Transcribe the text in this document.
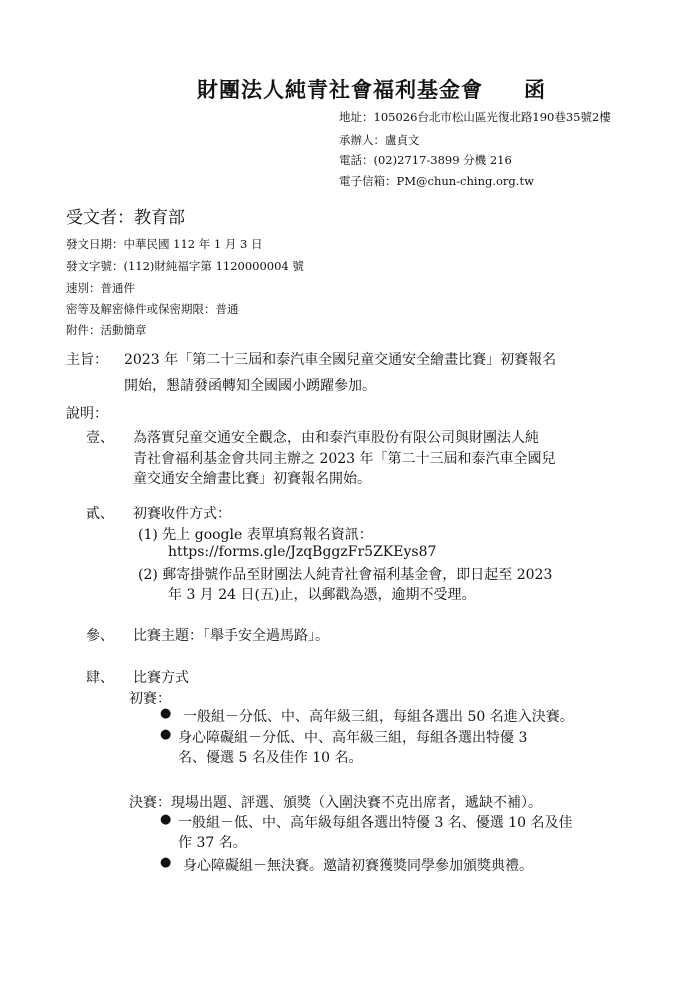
財團法人純青社會福利基金會 函
地址：105026台北市松山區光復北路190巷35號2樓
承辦人：盧貞文
電話：(02)2717-3899 分機 216
電子信箱：PM@chun-ching.org.tw
受文者：教育部
發文日期：中華民國 112 年 1 月 3 日
發文字號：(112)財純福字第 1120000004 號
速別：普通件
密等及解密條件或保密期限：普通
附件：活動簡章
主旨： 2023 年「第二十三屆和泰汽車全國兒童交通安全繪畫比賽」初賽報名
開始，懇請發函轉知全國國小踴躍參加。
說明：
壹、 為落實兒童交通安全觀念，由和泰汽車股份有限公司與財團法人純
青社會福利基金會共同主辦之 2023 年「第二十三屆和泰汽車全國兒
童交通安全繪畫比賽」初賽報名開始。
貳、 初賽收件方式：
(1) 先上 google 表單填寫報名資訊：
https://forms.gle/JzqBggzFr5ZKEys87
(2) 郵寄掛號作品至財團法人純青社會福利基金會，即日起至 2023
年 3 月 24 日(五)止，以郵戳為憑，逾期不受理。
參、 比賽主題：「舉手安全過馬路」。
肆、 比賽方式
初賽：
● 一般組－分低、中、高年級三組，每組各選出 50 名進入決賽。
● 身心障礙組－分低、中、高年級三組，每組各選出特優 3
名、優選 5 名及佳作 10 名。
決賽：現場出題、評選、頒獎（入圍決賽不克出席者，遞缺不補）。
● 一般組－低、中、高年級每組各選出特優 3 名、優選 10 名及佳
作 37 名。
● 身心障礙組－無決賽。邀請初賽獲獎同學參加頒獎典禮。
